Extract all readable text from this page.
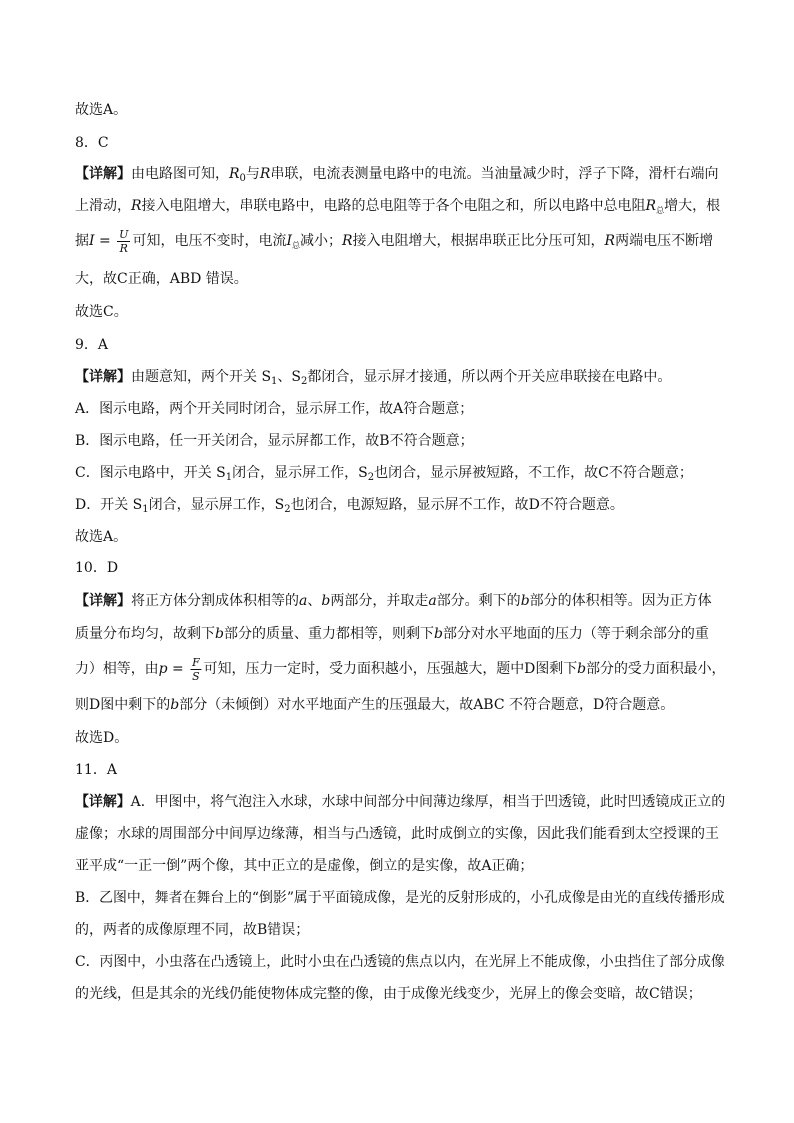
故选A。
8．C
【详解】由电路图可知，$R_0$与R串联，电流表测量电路中的电流。当油量减少时，浮子下降，滑杆右端向
上滑动，R接入电阻增大，串联电路中，电路的总电阻等于各个电阻之和，所以电路中总电阻$R_总$增大，根
据$I = \frac{U}{R}$ 可知，电压不变时，电流$I_总$减小；R接入电阻增大，根据串联正比分压可知，R两端电压不断增
大，故C正确，ABD 错误。
故选C。
9．A
【详解】由题意知，两个开关 $S_1$、$S_2$都闭合，显示屏才接通，所以两个开关应串联接在电路中。
A．图示电路，两个开关同时闭合，显示屏工作，故A符合题意；
B．图示电路，任一开关闭合，显示屏都工作，故B不符合题意；
C．图示电路中，开关 $S_1$闭合，显示屏工作，$S_2$也闭合，显示屏被短路，不工作，故C不符合题意；
D．开关 $S_1$闭合，显示屏工作，$S_2$也闭合，电源短路，显示屏不工作，故D不符合题意。
故选A。
10．D
【详解】将正方体分割成体积相等的a、b两部分，并取走a部分。剩下的b部分的体积相等。因为正方体
质量分布均匀，故剩下b部分的质量、重力都相等，则剩下b部分对水平地面的压力（等于剩余部分的重
力）相等，由$p = \frac{F}{S}$ 可知，压力一定时，受力面积越小，压强越大，题中D图剩下b部分的受力面积最小，
则D图中剩下的b部分（未倾倒）对水平地面产生的压强最大，故ABC 不符合题意，D符合题意。
故选D。
11．A
【详解】A．甲图中，将气泡注入水球，水球中间部分中间薄边缘厚，相当于凹透镜，此时凹透镜成正立的
虚像；水球的周围部分中间厚边缘薄，相当与凸透镜，此时成倒立的实像，因此我们能看到太空授课的王
亚平成“一正一倒”两个像，其中正立的是虚像，倒立的是实像，故A正确；
B．乙图中，舞者在舞台上的“倒影”属于平面镜成像，是光的反射形成的，小孔成像是由光的直线传播形成
的，两者的成像原理不同，故B错误；
C．丙图中，小虫落在凸透镜上，此时小虫在凸透镜的焦点以内，在光屏上不能成像，小虫挡住了部分成像
的光线，但是其余的光线仍能使物体成完整的像，由于成像光线变少，光屏上的像会变暗，故C错误；
